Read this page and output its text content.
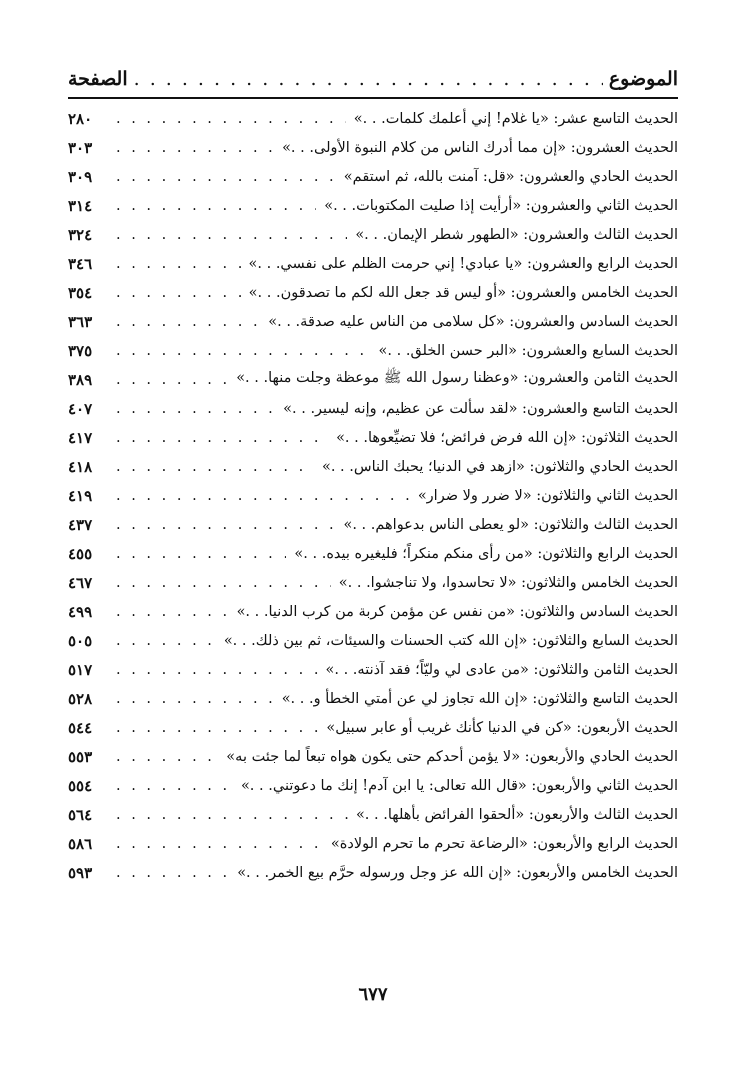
الموضوع
. . .
الصفحة
الحديث التاسع عشر: «يا غلام! إني أعلمك كلمات. . .»
. . .
٢٨٠
الحديث العشرون: «إن مما أدرك الناس من كلام النبوة الأولى. . .»
. . .
٣٠٣
الحديث الحادي والعشرون: «قل: آمنت بالله، ثم استقم»
. . .
٣٠٩
الحديث الثاني والعشرون: «أرأيت إذا صليت المكتوبات. . .»
. . .
٣١٤
الحديث الثالث والعشرون: «الطهور شطر الإيمان. . .»
. . .
٣٢٤
الحديث الرابع والعشرون: «يا عبادي! إني حرمت الظلم على نفسي. . .»
. . .
٣٤٦
الحديث الخامس والعشرون: «أو ليس قد جعل الله لكم ما تصدقون. . .»
. . .
٣٥٤
الحديث السادس والعشرون: «كل سلامى من الناس عليه صدقة. . .»
. . .
٣٦٣
الحديث السابع والعشرون: «البر حسن الخلق. . .»
. . .
٣٧٥
الحديث الثامن والعشرون: «وعظنا رسول الله ﷺ موعظة وجلت منها. . .»
. . .
٣٨٩
الحديث التاسع والعشرون: «لقد سألت عن عظيم، وإنه ليسير. . .»
. . .
٤٠٧
الحديث الثلاثون: «إن الله فرض فرائض؛ فلا تضيِّعوها. . .»
. . .
٤١٧
الحديث الحادي والثلاثون: «ازهد في الدنيا؛ يحبك الناس. . .»
. . .
٤١٨
الحديث الثاني والثلاثون: «لا ضرر ولا ضرار»
. . .
٤١٩
الحديث الثالث والثلاثون: «لو يعطى الناس بدعواهم. . .»
. . .
٤٣٧
الحديث الرابع والثلاثون: «من رأى منكم منكراً؛ فليغيره بيده. . .»
. . .
٤٥٥
الحديث الخامس والثلاثون: «لا تحاسدوا، ولا تناجشوا. . .»
. . .
٤٦٧
الحديث السادس والثلاثون: «من نفس عن مؤمن كربة من كرب الدنيا. . .»
. . .
٤٩٩
الحديث السابع والثلاثون: «إن الله كتب الحسنات والسيئات، ثم بين ذلك. . .»
. . .
٥٠٥
الحديث الثامن والثلاثون: «من عادى لي وليّاً؛ فقد آذنته. . .»
. . .
٥١٧
الحديث التاسع والثلاثون: «إن الله تجاوز لي عن أمتي الخطأ و. . .»
. . .
٥٢٨
الحديث الأربعون: «كن في الدنيا كأنك غريب أو عابر سبيل»
. . .
٥٤٤
الحديث الحادي والأربعون: «لا يؤمن أحدكم حتى يكون هواه تبعاً لما جئت به»
. . .
٥٥٣
الحديث الثاني والأربعون: «قال الله تعالى: يا ابن آدم! إنك ما دعوتني. . .»
. . .
٥٥٤
الحديث الثالث والأربعون: «ألحقوا الفرائض بأهلها. . .»
. . .
٥٦٤
الحديث الرابع والأربعون: «الرضاعة تحرم ما تحرم الولادة»
. . .
٥٨٦
الحديث الخامس والأربعون: «إن الله عز وجل ورسوله حرَّم بيع الخمر. . .»
. . .
٥٩٣
٦٧٧
